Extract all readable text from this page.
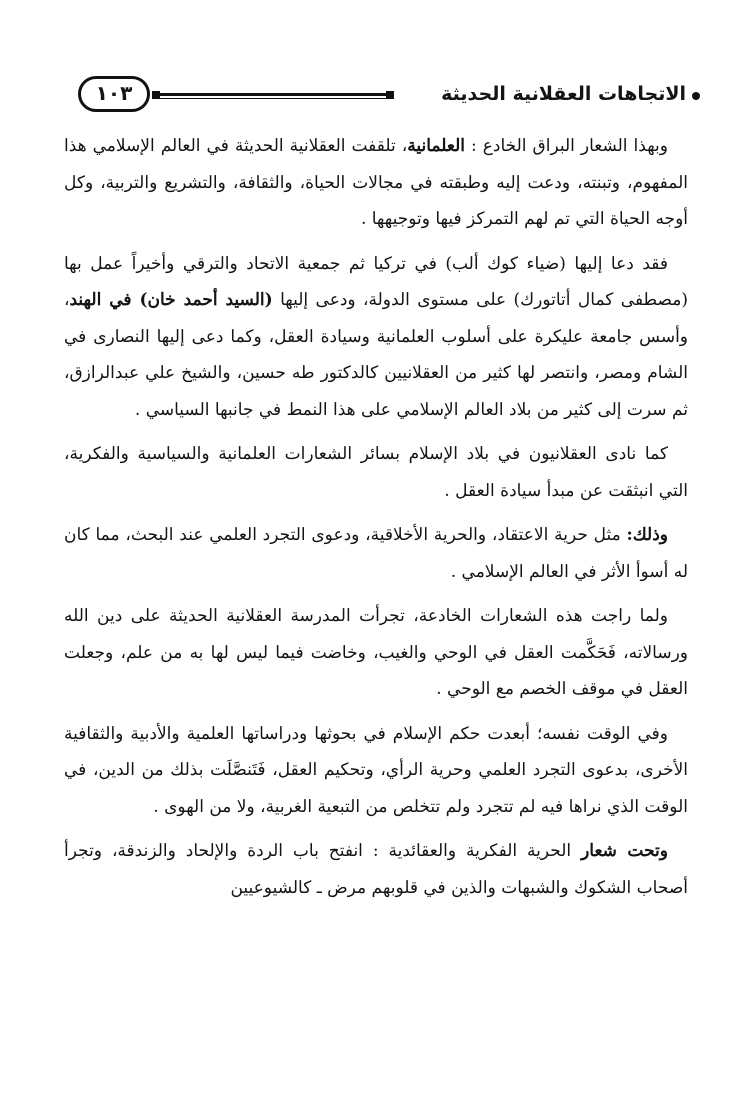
الاتجاهات العقلانية الحديثة
١٠٣

وبهذا الشعار البراق الخادع : العلمانية، تلقفت العقلانية الحديثة في العالم الإسلامي هذا المفهوم، وتبنته، ودعت إليه وطبقته في مجالات الحياة، والثقافة، والتشريع والتربية، وكل أوجه الحياة التي تم لهم التمركز فيها وتوجيهها .

فقد دعا إليها (ضياء كوك ألب) في تركيا ثم جمعية الاتحاد والترقي وأخيراً عمل بها (مصطفى كمال أتاتورك) على مستوى الدولة، ودعى إليها (السيد أحمد خان) في الهند، وأسس جامعة عليكرة على أسلوب العلمانية وسيادة العقل، وكما دعى إليها النصارى في الشام ومصر، وانتصر لها كثير من العقلانيين كالدكتور طه حسين، والشيخ علي عبدالرازق، ثم سرت إلى كثير من بلاد العالم الإسلامي على هذا النمط في جانبها السياسي .

كما نادى العقلانيون في بلاد الإسلام بسائر الشعارات العلمانية والسياسية والفكرية، التي انبثقت عن مبدأ سيادة العقل .

وذلك: مثل حرية الاعتقاد، والحرية الأخلاقية، ودعوى التجرد العلمي عند البحث، مما كان له أسوأ الأثر في العالم الإسلامي .

ولما راجت هذه الشعارات الخادعة، تجرأت المدرسة العقلانية الحديثة على دين الله ورسالاته، فَحَكَّمت العقل في الوحي والغيب، وخاضت فيما ليس لها به من علم، وجعلت العقل في موقف الخصم مع الوحي .

وفي الوقت نفسه؛ أبعدت حكم الإسلام في بحوثها ودراساتها العلمية والأدبية والثقافية الأخرى، بدعوى التجرد العلمي وحرية الرأي، وتحكيم العقل، فَتَنصَّلَت بذلك من الدين، في الوقت الذي نراها فيه لم تتجرد ولم تتخلص من التبعية الغربية، ولا من الهوى .

وتحت شعار الحرية الفكرية والعقائدية : انفتح باب الردة والإلحاد والزندقة، وتجرأ أصحاب الشكوك والشبهات والذين في قلوبهم مرض ـ كالشيوعيين
